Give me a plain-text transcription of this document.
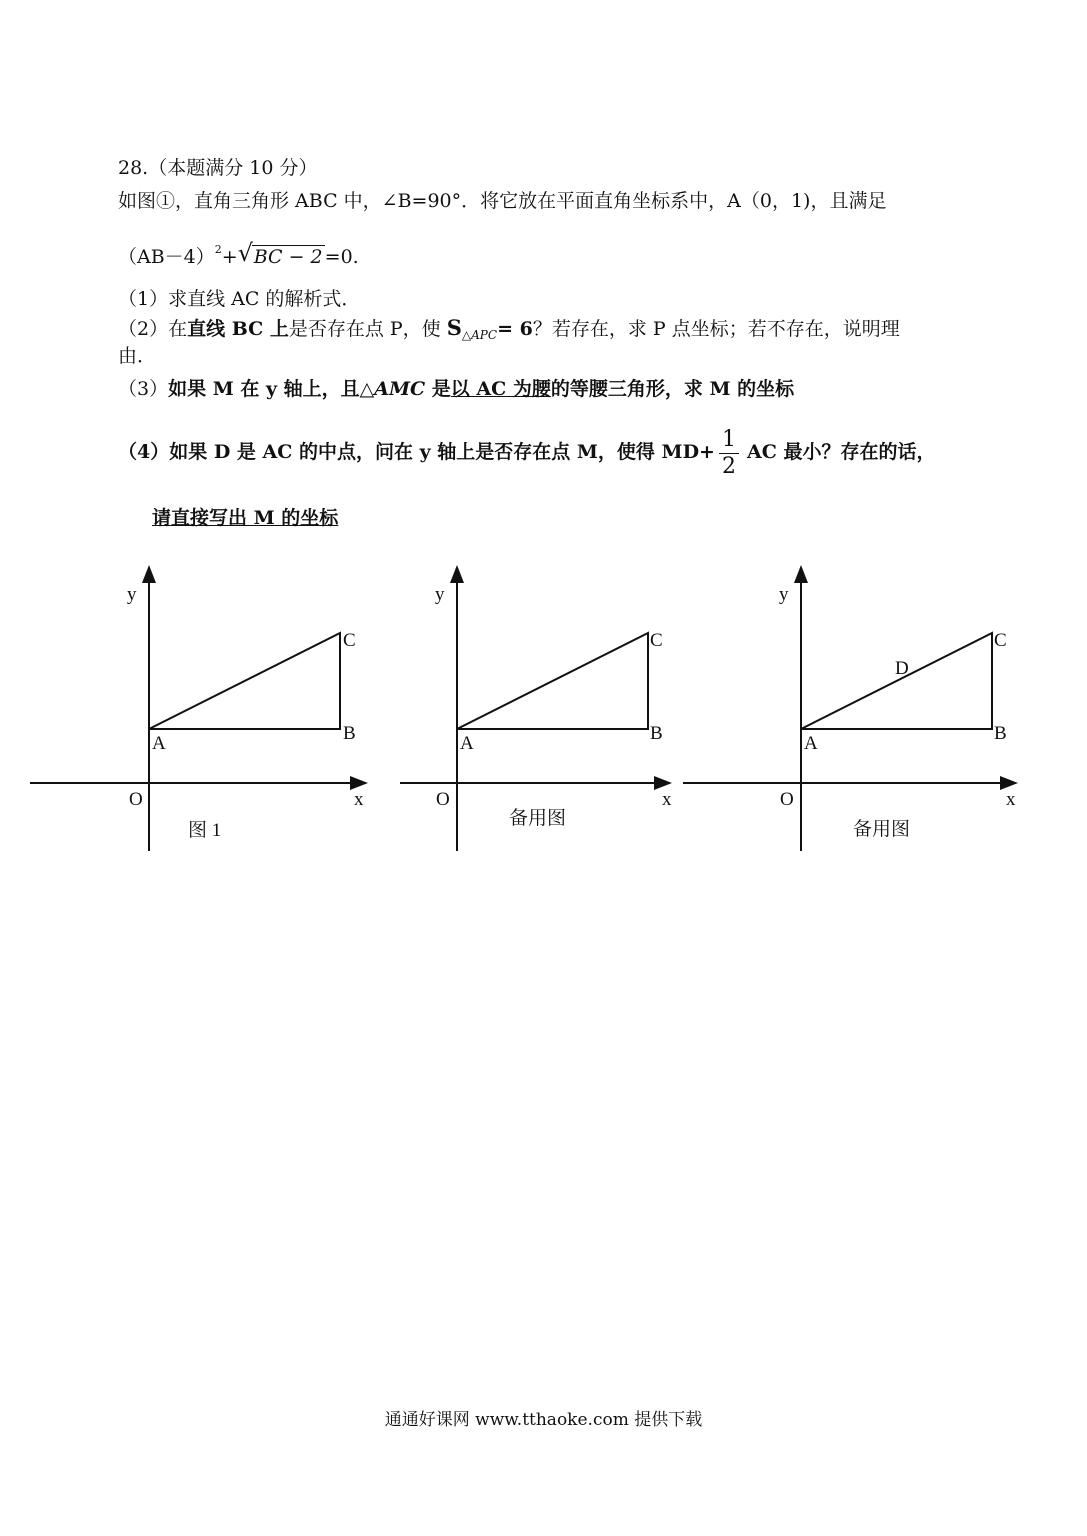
28.（本题满分 10 分）
如图①，直角三角形 ABC 中，∠B=90°．将它放在平面直角坐标系中，A（0，1)，且满足
$(AB-4)^2+$ √ BC − 2 =0.
（1）求直线 AC 的解析式．
（2）在直线 BC 上是否存在点 P，使 $S_{\triangle APC}= 6$？若存在，求 P 点坐标；若不存在，说明理
由．
（3）如果 M 在 y 轴上，且△AMC 是以 AC 为腰的等腰三角形，求 M 的坐标
（4）如果 D 是 AC 的中点，问在 y 轴上是否存在点 M，使得 $MD+ \frac{1}{2}$ AC 最小？存在的话，
请直接写出 M 的坐标
y
x
O
A	B
C
图 1
y
x
O
A	B
C
备用图
y
x
O
A	B
C
D
备用图
通通好课网 www.tthaoke.com 提供下载
